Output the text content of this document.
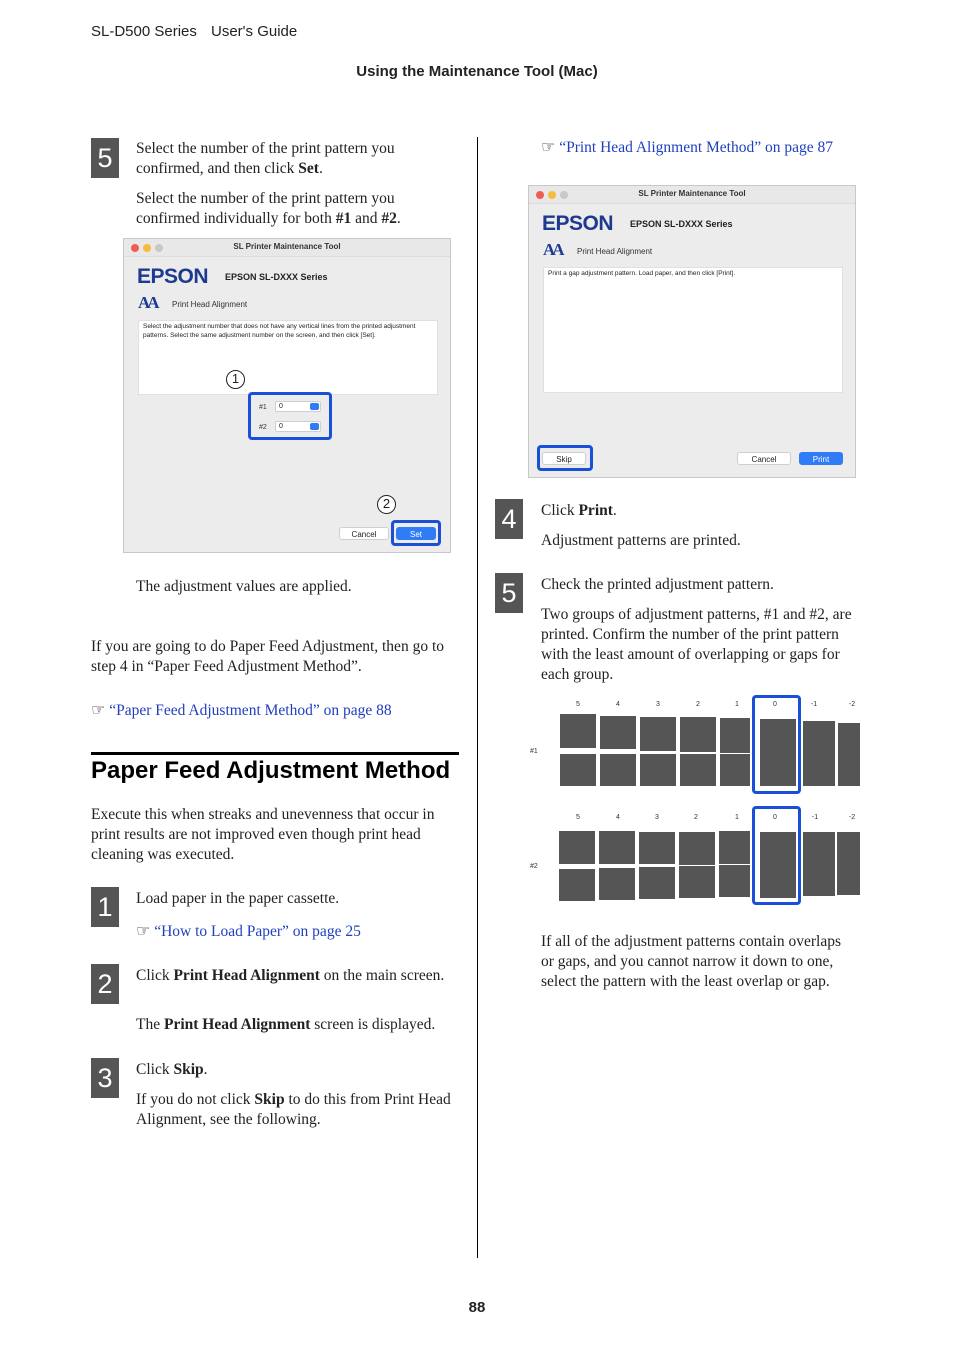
SL-D500 Series User's Guide
Using the Maintenance Tool (Mac)
5	Select the number of the print pattern you confirmed, and then click Set.

Select the number of the print pattern you confirmed individually for both #1 and #2.

SL Printer Maintenance Tool
EPSON EPSON SL-DXXX Series
AA Print Head Alignment
Select the adjustment number that does not have any vertical lines from the printed adjustment patterns. Select the same adjustment number on the screen, and then click [Set].
1
#1	0
#2	0
2
Cancel	Set

The adjustment values are applied.

If you are going to do Paper Feed Adjustment, then go to step 4 in “Paper Feed Adjustment Method”.

☞ “Paper Feed Adjustment Method” on page 88

Paper Feed Adjustment Method

Execute this when streaks and unevenness that occur in print results are not improved even though print head cleaning was executed.

1	Load paper in the paper cassette.

☞ “How to Load Paper” on page 25

2	Click Print Head Alignment on the main screen.

The Print Head Alignment screen is displayed.

3	Click Skip.

If you do not click Skip to do this from Print Head Alignment, see the following.

☞ “Print Head Alignment Method” on page 87

SL Printer Maintenance Tool
EPSON EPSON SL-DXXX Series
AA Print Head Alignment
Print a gap adjustment pattern. Load paper, and then click [Print].
Skip	Cancel	Print
4	Click Print.

Adjustment patterns are printed.

5	Check the printed adjustment pattern.

Two groups of adjustment patterns, #1 and #2, are printed. Confirm the number of the print pattern with the least amount of overlapping or gaps for each group.

#1
#2
5	4	3	2	1	0	-1	-2
5	4	3	2	1	0	-1	-2

If all of the adjustment patterns contain overlaps or gaps, and you cannot narrow it down to one, select the pattern with the least overlap or gap.

88
